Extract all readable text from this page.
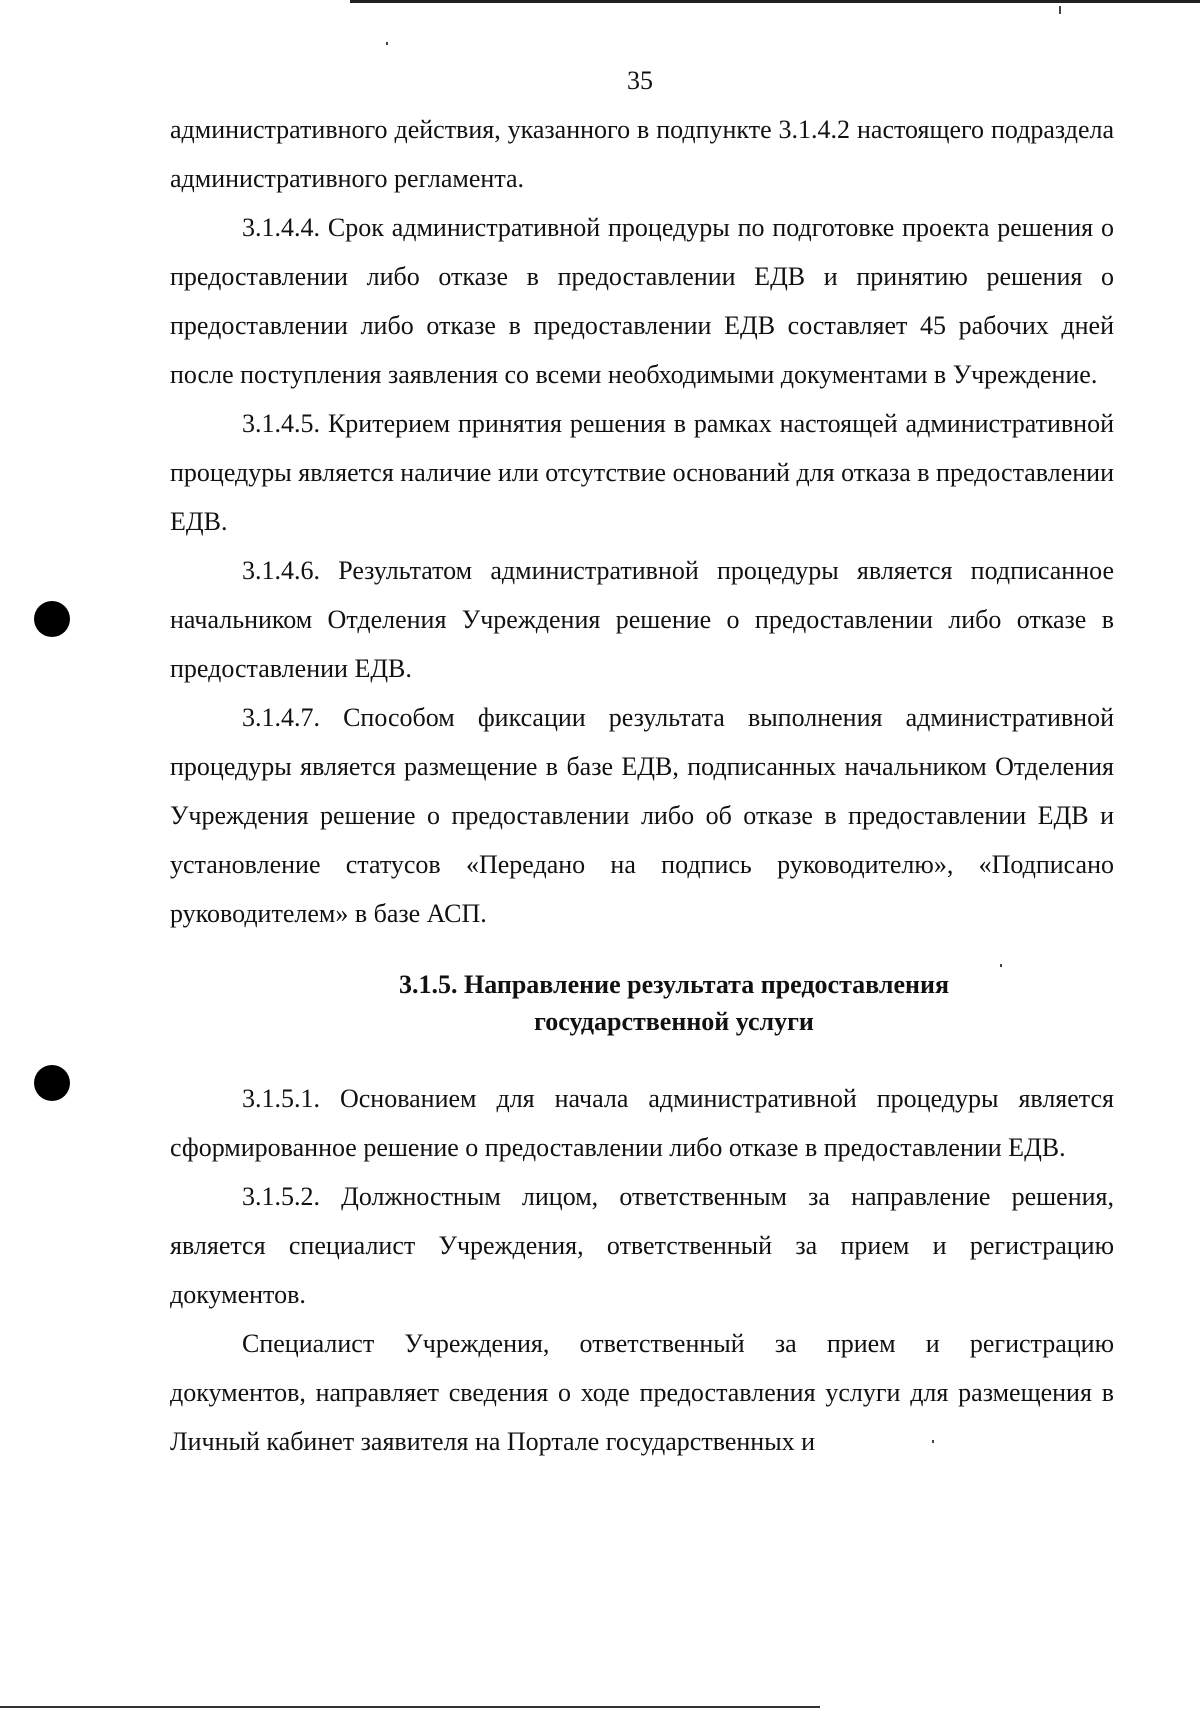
35

административного действия, указанного в подпункте 3.1.4.2 настоящего подраздела административного регламента.

3.1.4.4. Срок административной процедуры по подготовке проекта решения о предоставлении либо отказе в предоставлении ЕДВ и принятию решения о предоставлении либо отказе в предоставлении ЕДВ составляет 45 рабочих дней после поступления заявления со всеми необходимыми документами в Учреждение.

3.1.4.5. Критерием принятия решения в рамках настоящей административной процедуры является наличие или отсутствие оснований для отказа в предоставлении ЕДВ.

3.1.4.6. Результатом административной процедуры является подписанное начальником Отделения Учреждения решение о предоставлении либо отказе в предоставлении ЕДВ.

3.1.4.7. Способом фиксации результата выполнения административной процедуры является размещение в базе ЕДВ, подписанных начальником Отделения Учреждения решение о предоставлении либо об отказе в предоставлении ЕДВ и установление статусов «Передано на подпись руководителю», «Подписано руководителем» в базе АСП.

3.1.5. Направление результата предоставления
государственной услуги

3.1.5.1. Основанием для начала административной процедуры является сформированное решение о предоставлении либо отказе в предоставлении ЕДВ.

3.1.5.2. Должностным лицом, ответственным за направление решения, является специалист Учреждения, ответственный за прием и регистрацию документов.

Специалист Учреждения, ответственный за прием и регистрацию документов, направляет сведения о ходе предоставления услуги для размещения в Личный кабинет заявителя на Портале государственных и
